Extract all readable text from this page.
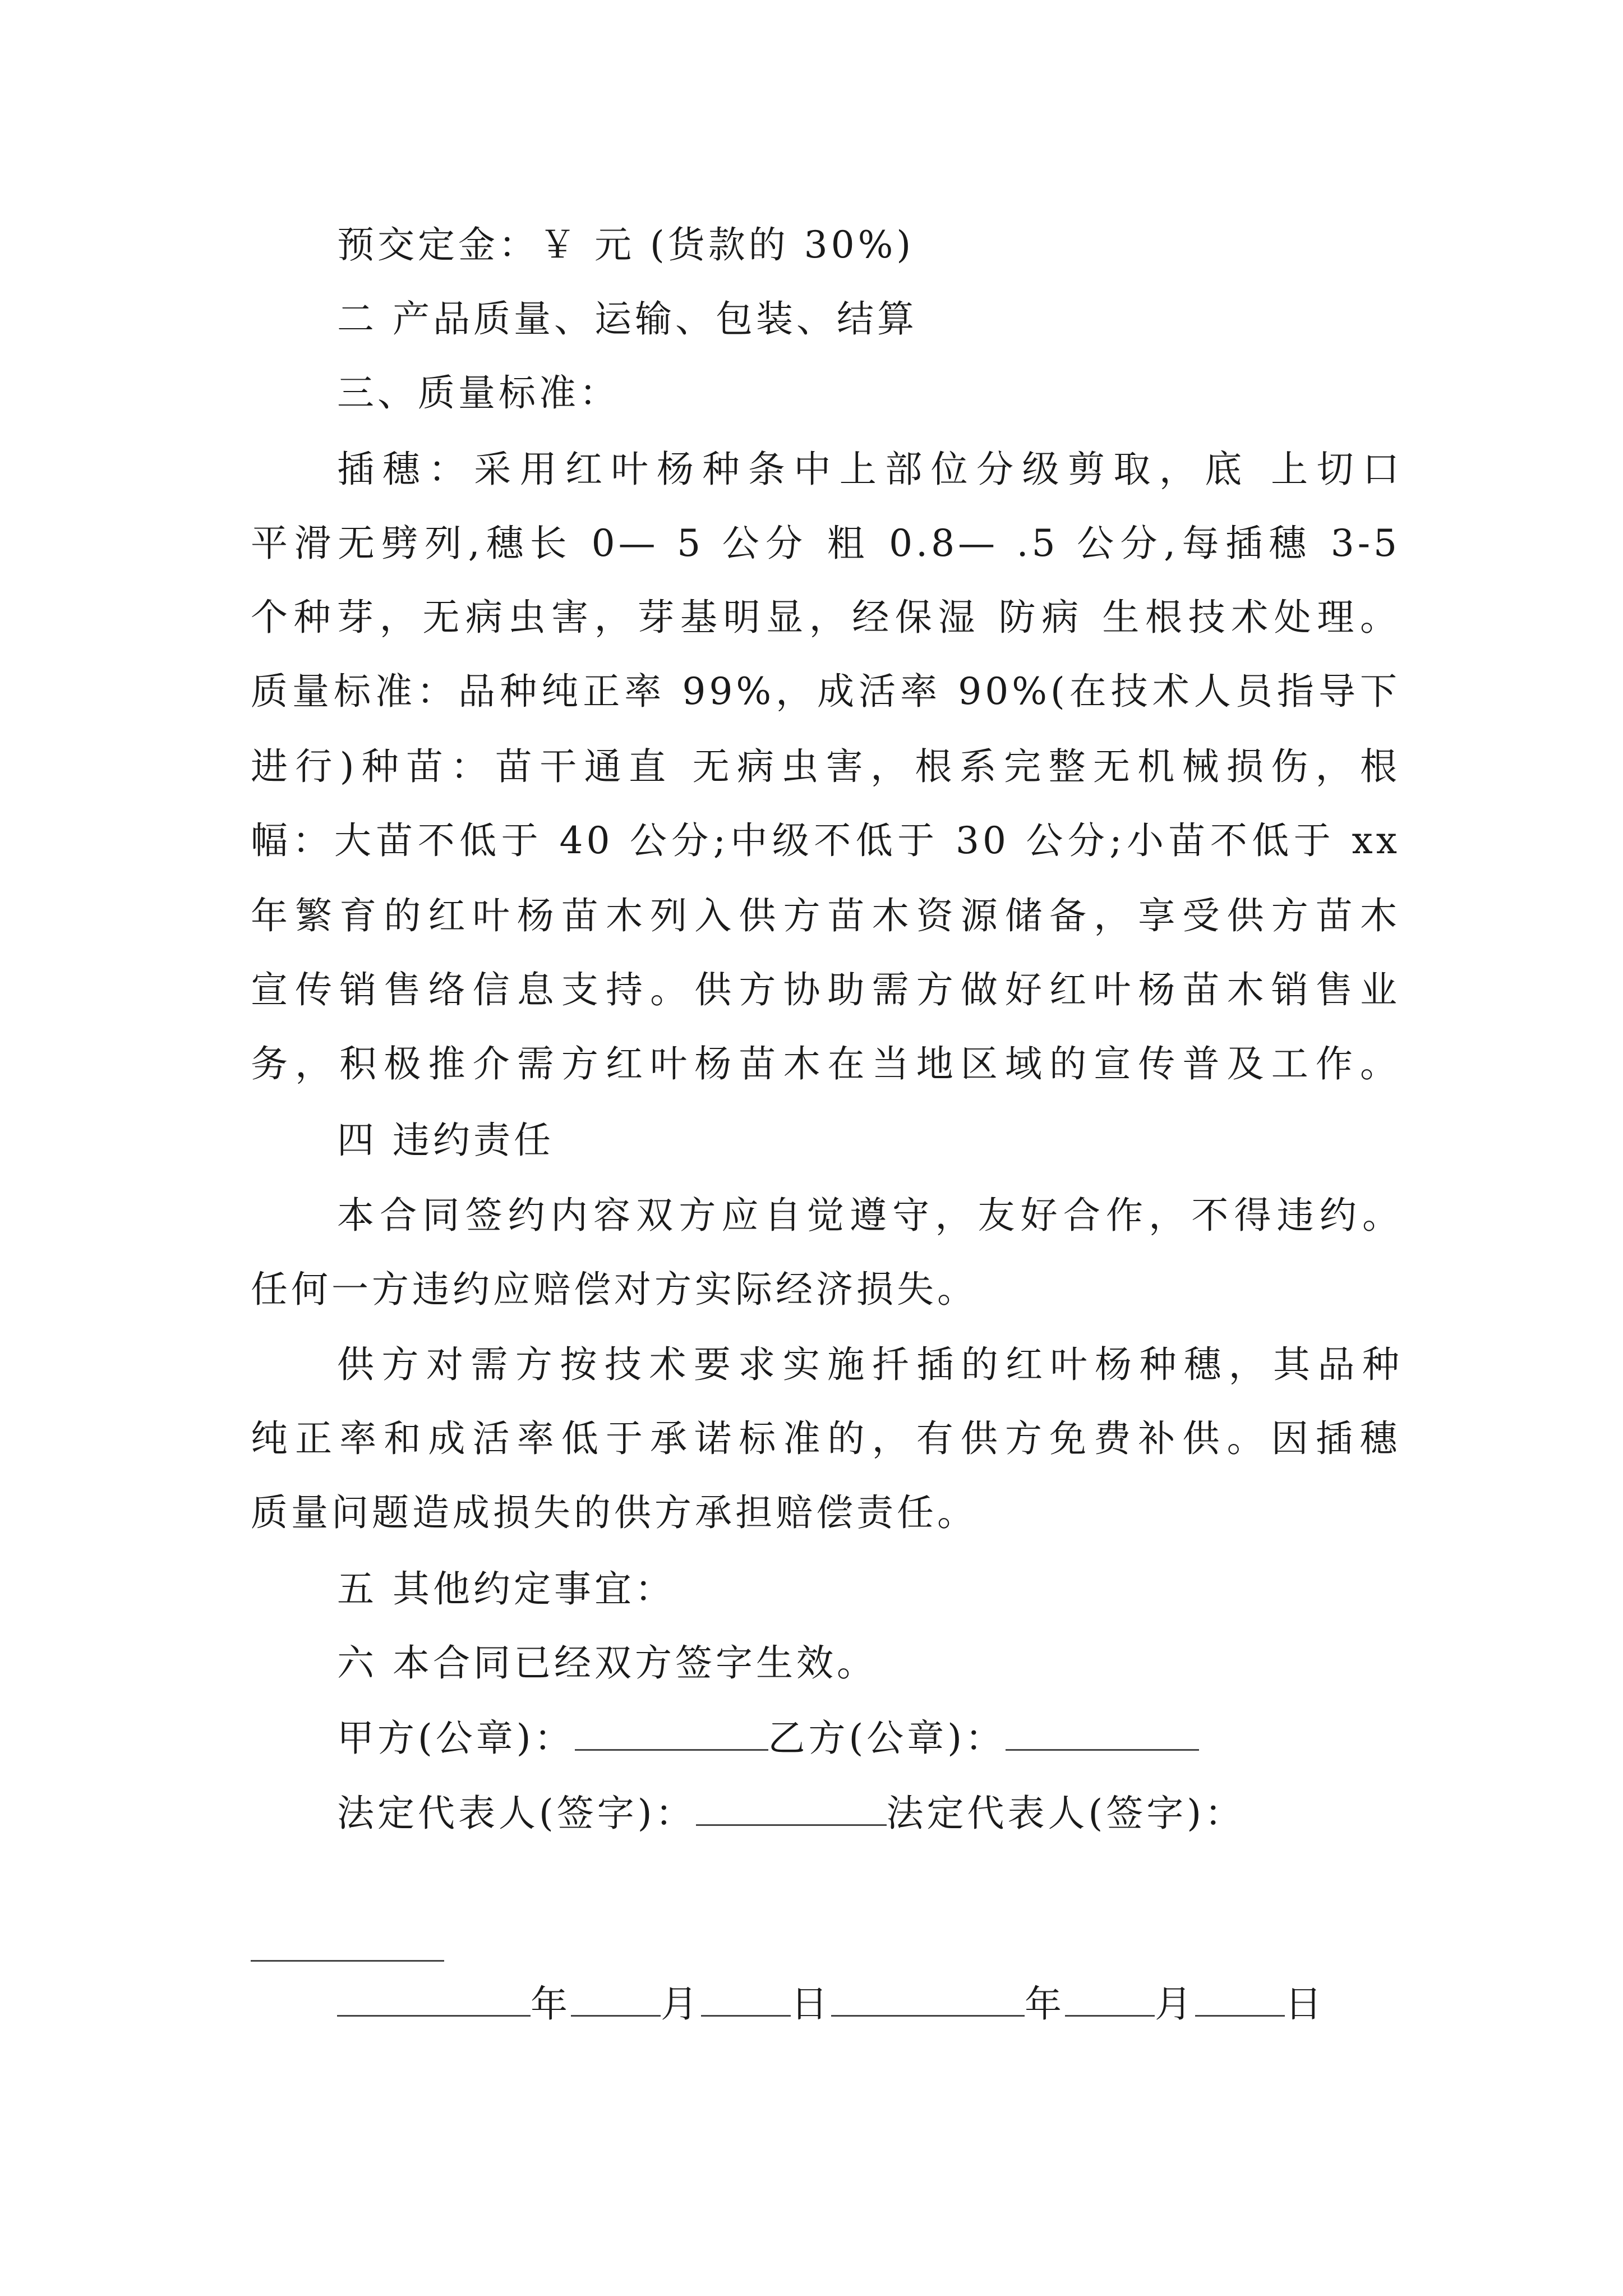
预交定金：￥ 元 (货款的 30%)
二 产品质量、运输、包装、结算
三、质量标准：
插穗：采用红叶杨种条中上部位分级剪取，底 上切口
平滑无劈列,穗长 0— 5 公分 粗 0.8— .5 公分,每插穗 3-5
个种芽，无病虫害，芽基明显，经保湿 防病 生根技术处理。
质量标准：品种纯正率 99%，成活率 90%(在技术人员指导下
进行)种苗：苗干通直 无病虫害，根系完整无机械损伤，根
幅：大苗不低于 40 公分;中级不低于 30 公分;小苗不低于 xx
年繁育的红叶杨苗木列入供方苗木资源储备，享受供方苗木
宣传销售络信息支持。供方协助需方做好红叶杨苗木销售业
务，积极推介需方红叶杨苗木在当地区域的宣传普及工作。
四 违约责任
本合同签约内容双方应自觉遵守，友好合作，不得违约。
任何一方违约应赔偿对方实际经济损失。
供方对需方按技术要求实施扦插的红叶杨种穗，其品种
纯正率和成活率低于承诺标准的，有供方免费补供。因插穗
质量问题造成损失的供方承担赔偿责任。
五 其他约定事宜：
六 本合同已经双方签字生效。
甲方(公章)：	乙方(公章)：
法定代表人(签字)：	法定代表人(签字)：
年 月 日	年 月 日
